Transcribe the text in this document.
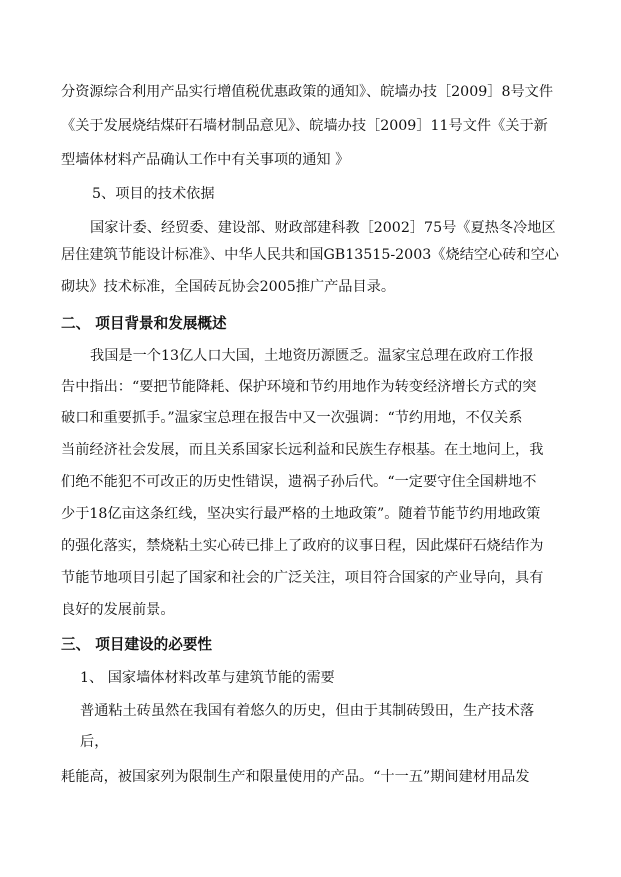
分资源综合利用产品实行增值税优惠政策的通知》、皖墙办技［2009］8号文件
《关于发展烧结煤矸石墙材制品意见》、皖墙办技［2009］11号文件《关于新
型墙体材料产品确认工作中有关事项的通知 》
5、项目的技术依据
国家计委、经贸委、建设部、财政部建科教［2002］75号《夏热冬冷地区
居住建筑节能设计标准》、中华人民共和国GB13515-2003《烧结空心砖和空心
砌块》技术标准，全国砖瓦协会2005推广产品目录。
二、 项目背景和发展概述
我国是一个13亿人口大国，土地资历源匮乏。温家宝总理在政府工作报
告中指出：“要把节能降耗、保护环境和节约用地作为转变经济增长方式的突
破口和重要抓手。”温家宝总理在报告中又一次强调：“节约用地，不仅关系
当前经济社会发展，而且关系国家长远利益和民族生存根基。在土地问上，我
们绝不能犯不可改正的历史性错误，遗祸子孙后代。“一定要守住全国耕地不
少于18亿亩这条红线，坚决实行最严格的土地政策”。随着节能节约用地政策
的强化落实，禁烧粘土实心砖已排上了政府的议事日程，因此煤矸石烧结作为
节能节地项目引起了国家和社会的广泛关注，项目符合国家的产业导向，具有
良好的发展前景。
三、 项目建设的必要性
1、 国家墙体材料改革与建筑节能的需要
普通粘土砖虽然在我国有着悠久的历史，但由于其制砖毁田，生产技术落
后，
耗能高，被国家列为限制生产和限量使用的产品。“十一五”期间建材用品发
